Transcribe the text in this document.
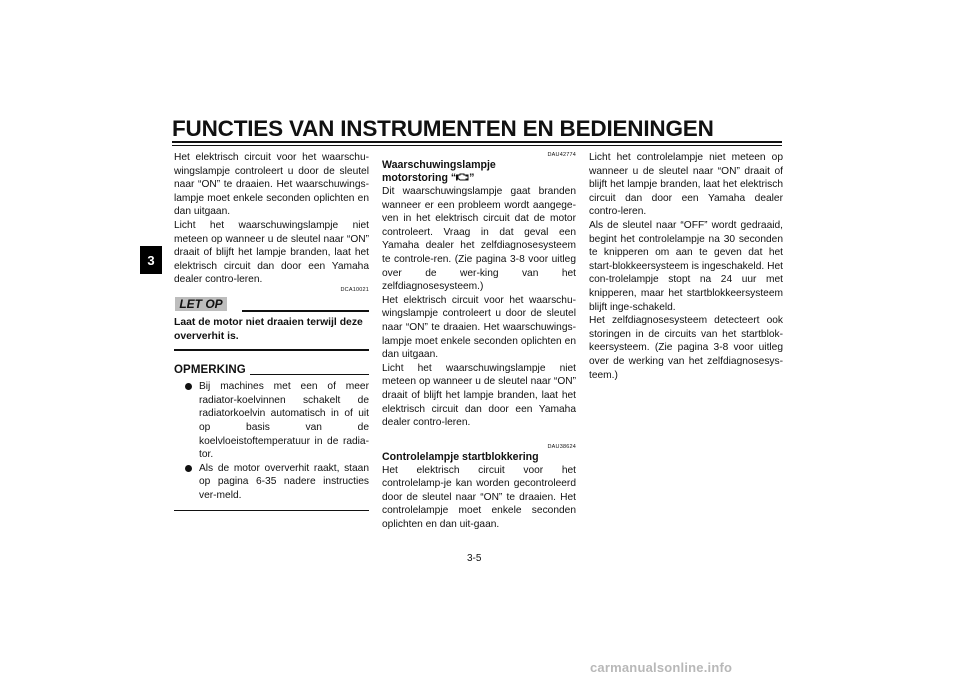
FUNCTIES VAN INSTRUMENTEN EN BEDIENINGEN
3

Het elektrisch circuit voor het waarschu-wingslampje controleert u door de sleutel naar “ON” te draaien. Het waarschuwings-lampje moet enkele seconden oplichten en dan uitgaan.

Licht het waarschuwingslampje niet meteen op wanneer u de sleutel naar “ON” draait of blijft het lampje branden, laat het elektrisch circuit dan door een Yamaha dealer contro-leren.

DCA10021
LET OP
Laat de motor niet draaien terwijl deze oververhit is.
OPMERKING
Bij machines met een of meer radiator-koelvinnen schakelt de radiatorkoelvin automatisch in of uit op basis van de koelvloeistoftemperatuur in de radia-tor.
Als de motor oververhit raakt, staan op pagina 6-35 nadere instructies ver-meld.
DAU42774
Waarschuwingslampje
motorstoring “ ”

Dit waarschuwingslampje gaat branden wanneer er een probleem wordt aangege-ven in het elektrisch circuit dat de motor controleert. Vraag in dat geval een Yamaha dealer het zelfdiagnosesysteem te controle-ren. (Zie pagina 3-8 voor uitleg over de wer-king van het zelfdiagnosesysteem.)

Het elektrisch circuit voor het waarschu-wingslampje controleert u door de sleutel naar “ON” te draaien. Het waarschuwings-lampje moet enkele seconden oplichten en dan uitgaan.

Licht het waarschuwingslampje niet meteen op wanneer u de sleutel naar “ON” draait of blijft het lampje branden, laat het elektrisch circuit dan door een Yamaha dealer contro-leren.

DAU38624
Controlelampje startblokkering

Het elektrisch circuit voor het controlelamp-je kan worden gecontroleerd door de sleutel naar “ON” te draaien. Het controlelampje moet enkele seconden oplichten en dan uit-gaan.

Licht het controlelampje niet meteen op wanneer u de sleutel naar “ON” draait of blijft het lampje branden, laat het elektrisch circuit dan door een Yamaha dealer contro-leren.

Als de sleutel naar “OFF” wordt gedraaid, begint het controlelampje na 30 seconden te knipperen om aan te geven dat het start-blokkeersysteem is ingeschakeld. Het con-trolelampje stopt na 24 uur met knipperen, maar het startblokkeersysteem blijft inge-schakeld.

Het zelfdiagnosesysteem detecteert ook storingen in de circuits van het startblok-keersysteem. (Zie pagina 3-8 voor uitleg over de werking van het zelfdiagnosesys-teem.)

3-5
carmanualsonline.info
